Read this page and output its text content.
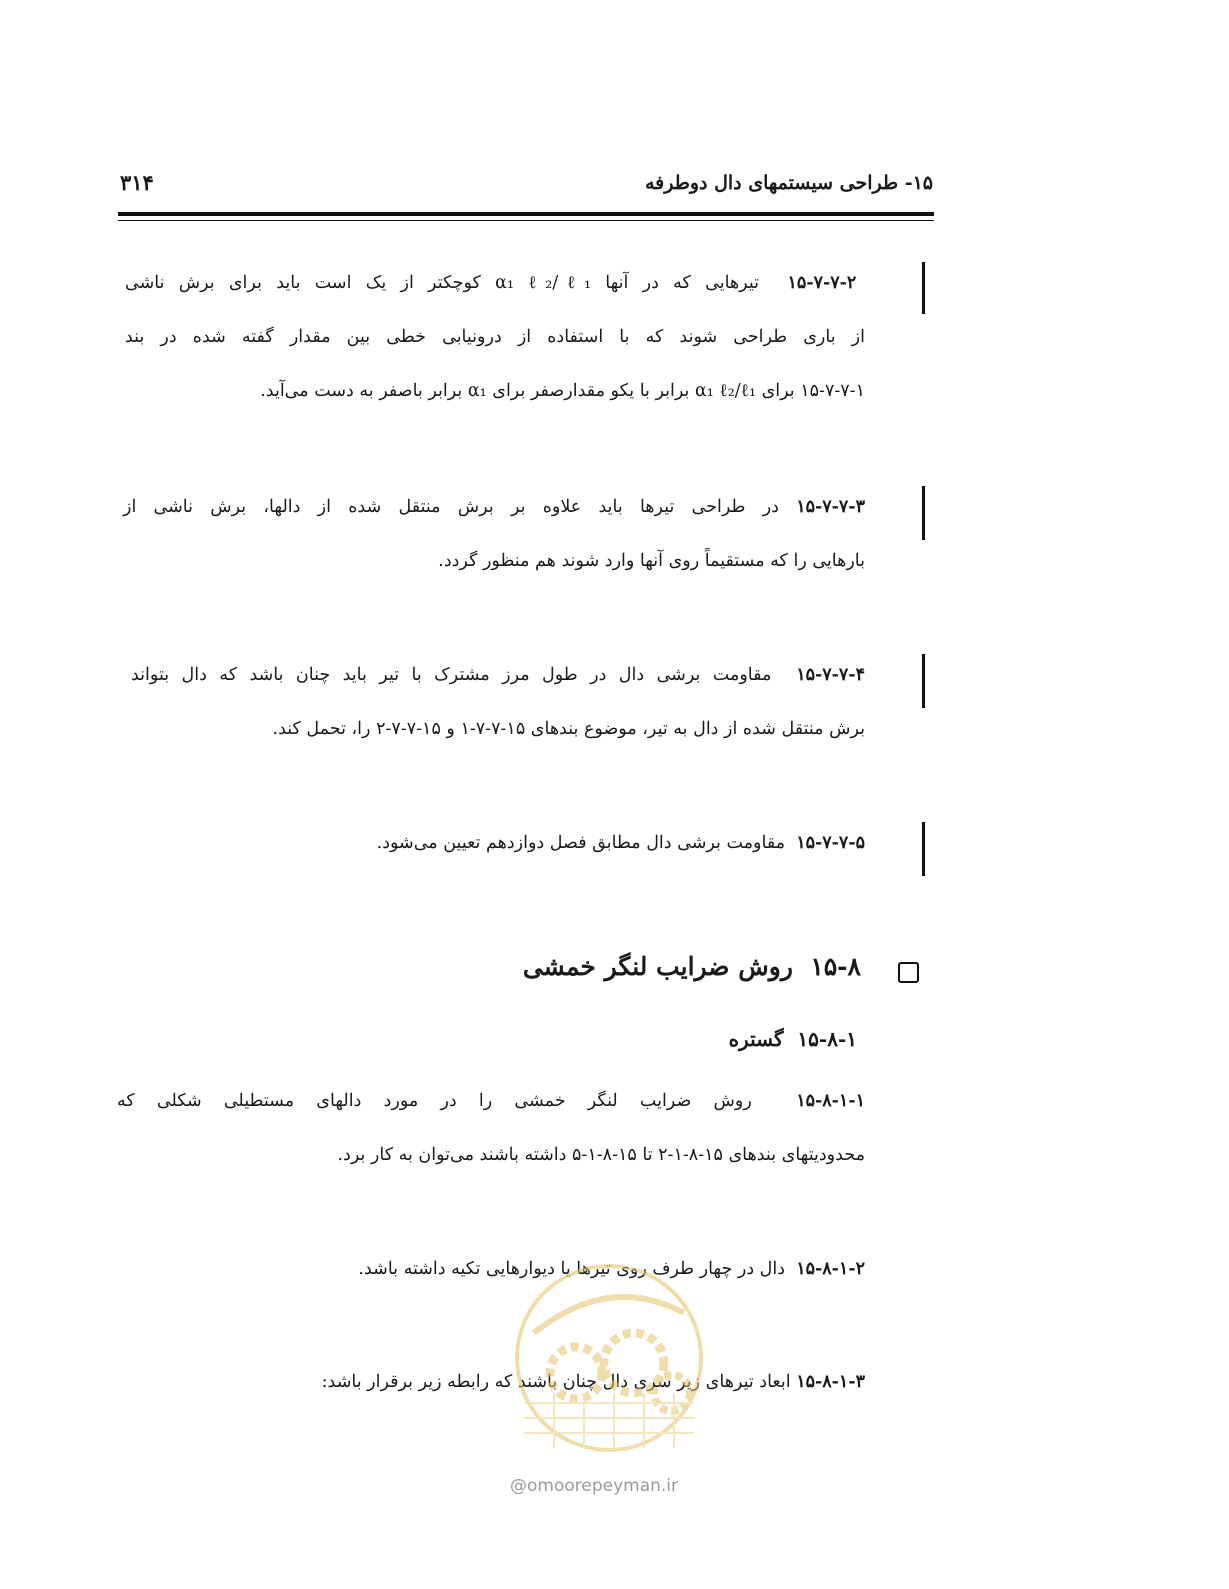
۱۵- طراحی سیستمهای دال دوطرفه
۳۱۴
۱۵-۷-۷-۲  تیرهایی که در آنها α₁ ℓ₂/ℓ₁ کوچکتر از یک است باید برای برش ناشی
از باری طراحی شوند که با استفاده از درونیابی خطی بین مقدار گفته شده در بند
۱۵-۷-۷-۱ برای α₁ ℓ₂/ℓ₁ برابر با یکو مقدارصفر برای α₁ برابر باصفر به دست می‌آید.
۱۵-۷-۷-۳ در طراحی تیرها باید علاوه بر برش منتقل شده از دالها، برش ناشی از
بارهایی را که مستقیماً روی آنها وارد شوند هم منظور گردد.
۱۵-۷-۷-۴  مقاومت برشی دال در طول مرز مشترک با تیر باید چنان باشد که دال بتواند
برش منتقل شده از دال به تیر، موضوع بندهای ۱۵-۷-۷-۱ و ۱۵-۷-۷-۲ را، تحمل کند.
۱۵-۷-۷-۵  مقاومت برشی دال مطابق فصل دوازدهم تعیین می‌شود.
۱۵-۸  روش ضرایب لنگر خمشی
۱۵-۸-۱  گستره
۱۵-۸-۱-۱  روش ضرایب لنگر خمشی را در مورد دالهای مستطیلی شکلی که
محدودیتهای بندهای ۱۵-۸-۱-۲ تا ۱۵-۸-۱-۵ داشته باشند می‌توان به کار برد.
۱۵-۸-۱-۲  دال در چهار طرف روی تیرها یا دیوارهایی تکیه داشته باشد.
۱۵-۸-۱-۳ ابعاد تیرهای زیر سری دال چنان باشند که رابطه زیر برقرار باشد:
@omoorepeyman.ir
